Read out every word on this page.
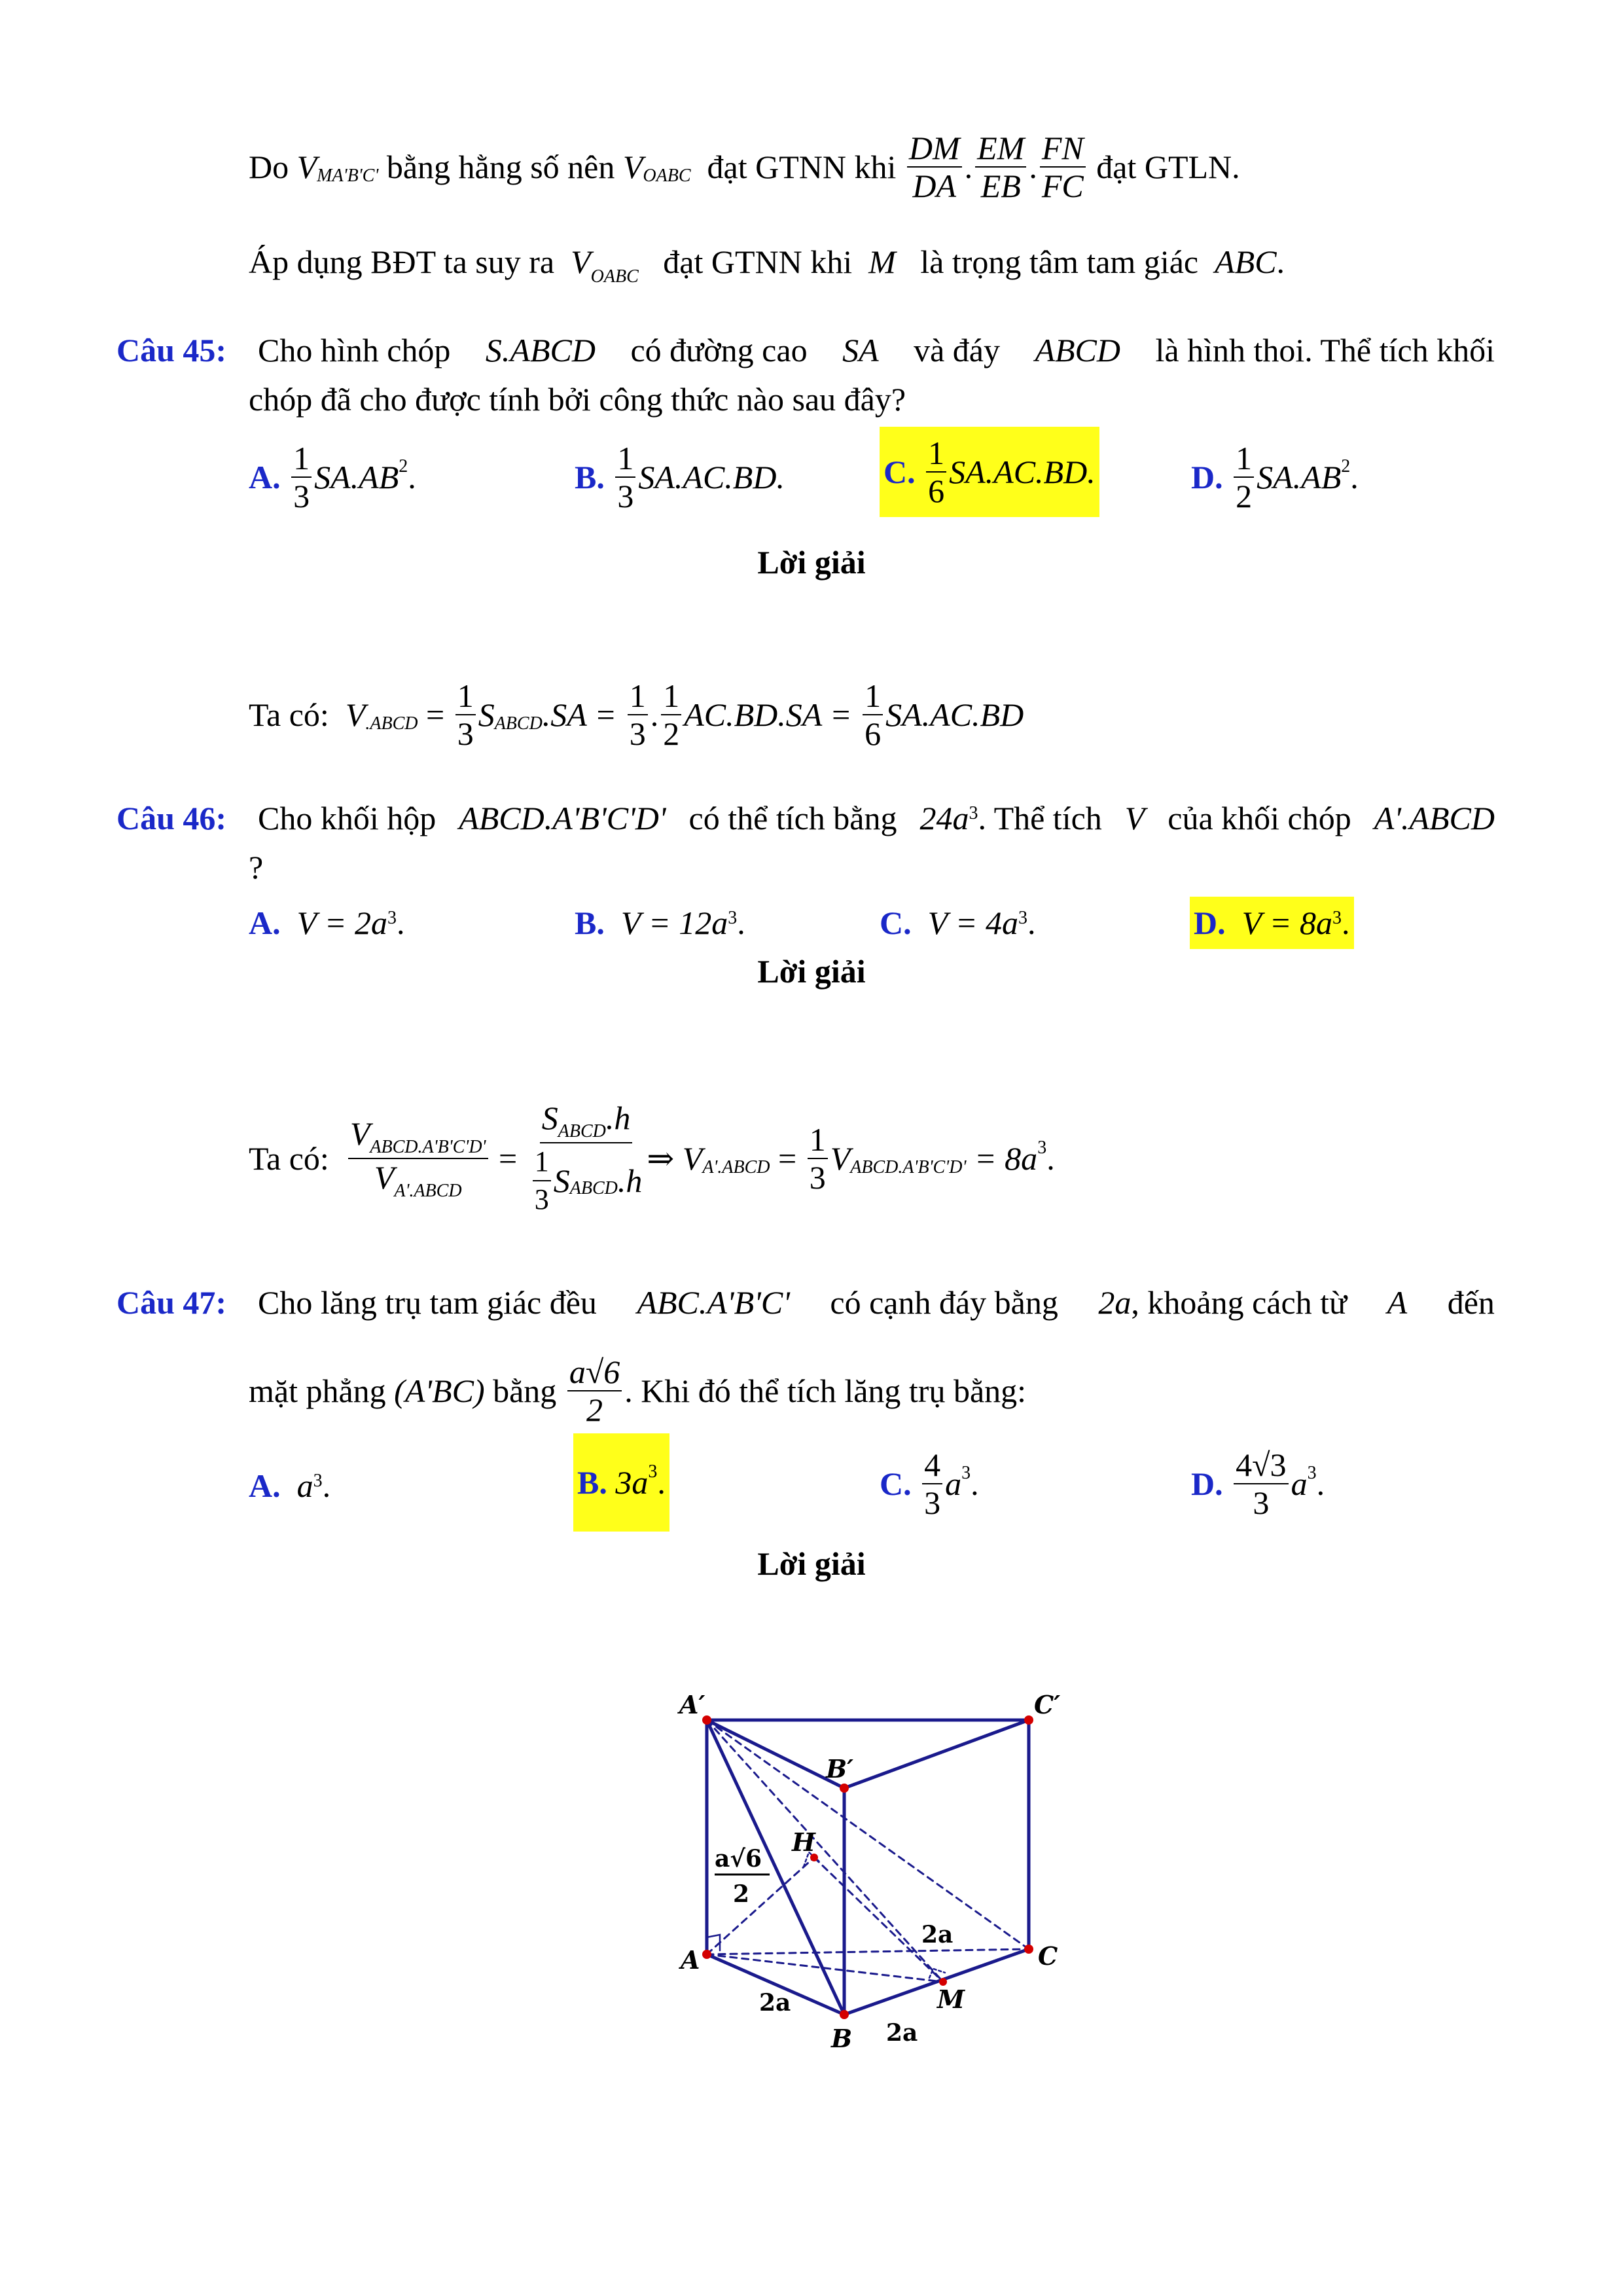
Do
V MA'B'C'
bằng hằng số nên
V OABC
đạt GTNN khi
$\frac{DM}{DA}$ . $\frac{EM}{EB}$ . $\frac{FN}{FC}$
đạt GTLN.
Áp dụng BĐT ta suy ra $V_{OABC}$ đạt GTNN khi M là trọng tâm tam giác ABC.
Câu 45: Cho hình chóp S.ABCD có đường cao SA và đáy ABCD là hình thoi. Thể tích khối
chóp đã cho được tính bởi công thức nào sau đây?
A.
$\frac{1}{3} SA.AB$ 2 .	B.
$\frac{1}{3} SA.AC.BD$.	C.
$\frac{1}{6} SA.AC.BD$.	D.
$\frac{1}{2} SA.AB$ 2 .
Lời giải
Ta có:
V .ABCD = $\frac{1}{3}$ S ABCD .SA =
$\frac{1}{3}$ . $\frac{1}{2} AC.BD.SA$ =
$\frac{1}{6} SA.AC.BD$
Câu 46: Cho khối hộp ABCD.A'B'C'D' có thể tích bằng $24a^3$. Thể tích V của khối chóp A'.ABCD
?
A. $V = 2a^3$.	B. $V = 12a^3$.	C. $V = 4a^3$.	D. $V = 8a^3$.
Lời giải
Ta có:
$\frac{V_{ABCD.A'B'C'D'}}{V_{A'.ABCD}} = \frac{S_{ABCD}.h}{\frac{1}{3} S ABCD .h}$ ⇒
V A'.ABCD = $\frac{1}{3}$ V ABCD.A'B'C'D'
= 8a 3 .
Câu 47: Cho lăng trụ tam giác đều ABC.A'B'C' có cạnh đáy bằng 2a, khoảng cách từ A đến
mặt phẳng
(A'BC)
bằng
$\frac{a√6}{2}$ . Khi đó thể tích lăng trụ bằng:
A. $a^3$.	B.
3a 3 .	C.
$\frac{4}{3}$ a 3 .	D.
$\frac{4√3}{3}$ a 3 .
Lời giải
A′
B′
C′
A
B
C
H
M
2a
2a
2a
a√6
2
